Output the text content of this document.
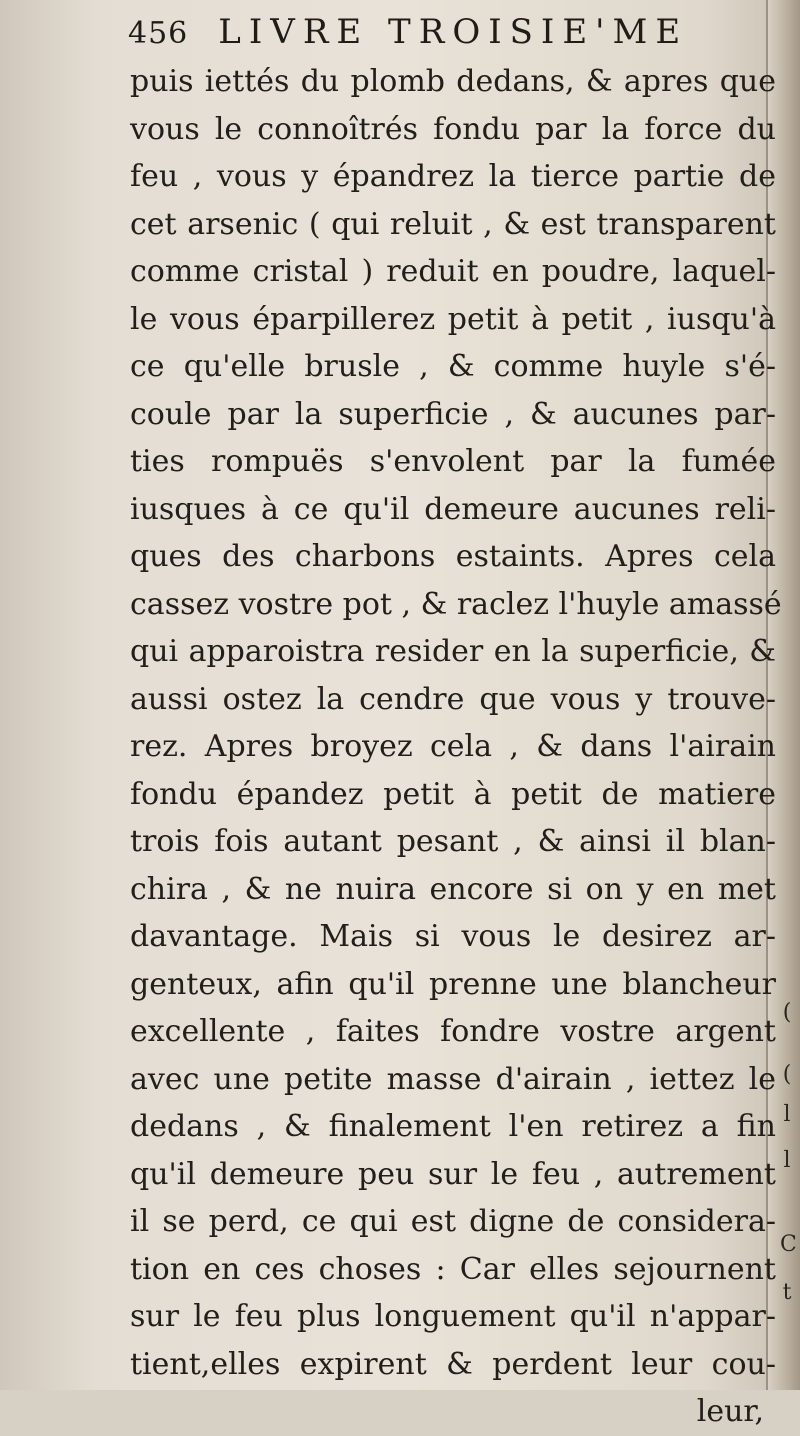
456 LIVRE TROISIE'ME
puis iettés du plomb dedans, & apres que
vous le connoîtrés fondu par la force du
feu , vous y épandrez la tierce partie de
cet arsenic ( qui reluit , & est transparent
comme cristal ) reduit en poudre, laquel-
le vous éparpillerez petit à petit , iusqu'à
ce qu'elle brusle , & comme huyle s'é-
coule par la superficie , & aucunes par-
ties rompuës s'envolent par la fumée
iusques à ce qu'il demeure aucunes reli-
ques des charbons estaints. Apres cela
cassez vostre pot , & raclez l'huyle amassé
qui apparoistra resider en la superficie, &
aussi ostez la cendre que vous y trouve-
rez. Apres broyez cela , & dans l'airain
fondu épandez petit à petit de matiere
trois fois autant pesant , & ainsi il blan-
chira , & ne nuira encore si on y en met
davantage. Mais si vous le desirez ar-
genteux, afin qu'il prenne une blancheur
excellente , faites fondre vostre argent
avec une petite masse d'airain , iettez le
dedans , & finalement l'en retirez a fin
qu'il demeure peu sur le feu , autrement
il se perd, ce qui est digne de considera-
tion en ces choses : Car elles sejournent
sur le feu plus longuement qu'il n'appar-
tient,elles expirent & perdent leur cou-
leur,
(
(
l
l
C
t
